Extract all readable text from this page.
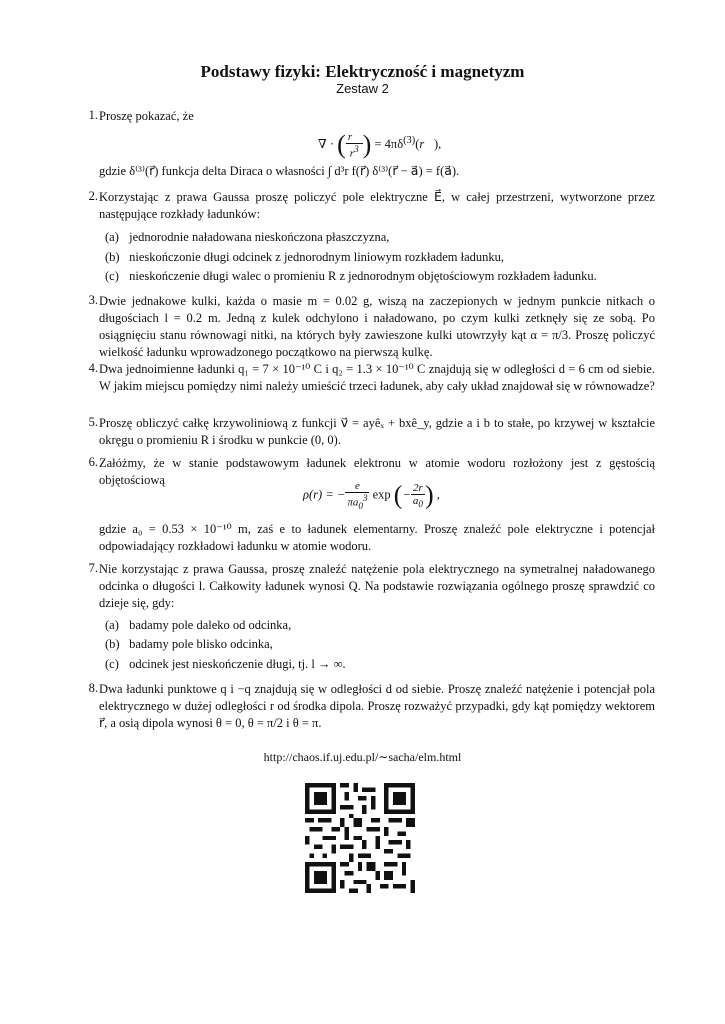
Podstawy fizyki: Elektryczność i magnetyzm
Zestaw 2
1. Proszę pokazać, że
∇ · ( $\frac{r⃗}{r^3}$ ) = $4\pi\delta^{(3)}(r⃗)$,
gdzie δ⁽³⁾(r⃗) funkcja delta Diraca o własności ∫ d³r f(r⃗) δ⁽³⁾(r⃗ − a⃗) = f(a⃗).
2. Korzystając z prawa Gaussa proszę policzyć pole elektryczne E⃗, w całej przestrzeni, wytworzone przez następujące rozkłady ładunków:
(a) jednorodnie naładowana nieskończona płaszczyzna,
(b) nieskończonie długi odcinek z jednorodnym liniowym rozkładem ładunku,
(c) nieskończenie długi walec o promieniu R z jednorodnym objętościowym rozkładem ładunku.
3. Dwie jednakowe kulki, każda o masie m = 0.02 g, wiszą na zaczepionych w jednym punkcie nitkach o długościach l = 0.2 m. Jedną z kulek odchylono i naładowano, po czym kulki zetknęły się ze sobą. Po osiągnięciu stanu równowagi nitki, na których były zawieszone kulki utowrzyły kąt α = π/3. Proszę policzyć wielkość ładunku wprowadzonego początkowo na pierwszą kulkę.
4. Dwa jednoimienne ładunki q₁ = 7 × 10⁻¹⁰ C i q₂ = 1.3 × 10⁻¹⁰ C znajdują się w odległości d = 6 cm od siebie. W jakim miejscu pomiędzy nimi należy umieścić trzeci ładunek, aby cały układ znajdował się w równowadze?
5. Proszę obliczyć całkę krzywoliniową z funkcji v⃗ = ayêₓ + bxê_y, gdzie a i b to stałe, po krzywej w kształcie okręgu o promieniu R i środku w punkcie (0, 0).
6. Załóżmy, że w stanie podstawowym ładunek elektronu w atomie wodoru rozłożony jest z gęstością objętościową
ρ(r) = − $\frac{e}{\pi a_0^3}$ exp (− $\frac{2r}{a_0}$ ) ,
gdzie a₀ = 0.53 × 10⁻¹⁰ m, zaś e to ładunek elementarny. Proszę znaleźć pole elektryczne i potencjał odpowiadający rozkładowi ładunku w atomie wodoru.
7. Nie korzystając z prawa Gaussa, proszę znaleźć natężenie pola elektrycznego na symetralnej naładowanego odcinka o długości l. Całkowity ładunek wynosi Q. Na podstawie rozwiązania ogólnego proszę sprawdzić co dzieje się, gdy:
(a) badamy pole daleko od odcinka,
(b) badamy pole blisko odcinka,
(c) odcinek jest nieskończenie długi, tj. l → ∞.
8. Dwa ładunki punktowe q i −q znajdują się w odległości d od siebie. Proszę znaleźć natężenie i potencjał pola elektrycznego w dużej odległości r od środka dipola. Proszę rozważyć przypadki, gdy kąt pomiędzy wektorem r⃗, a osią dipola wynosi θ = 0, θ = π/2 i θ = π.
http://chaos.if.uj.edu.pl/∼sacha/elm.html
